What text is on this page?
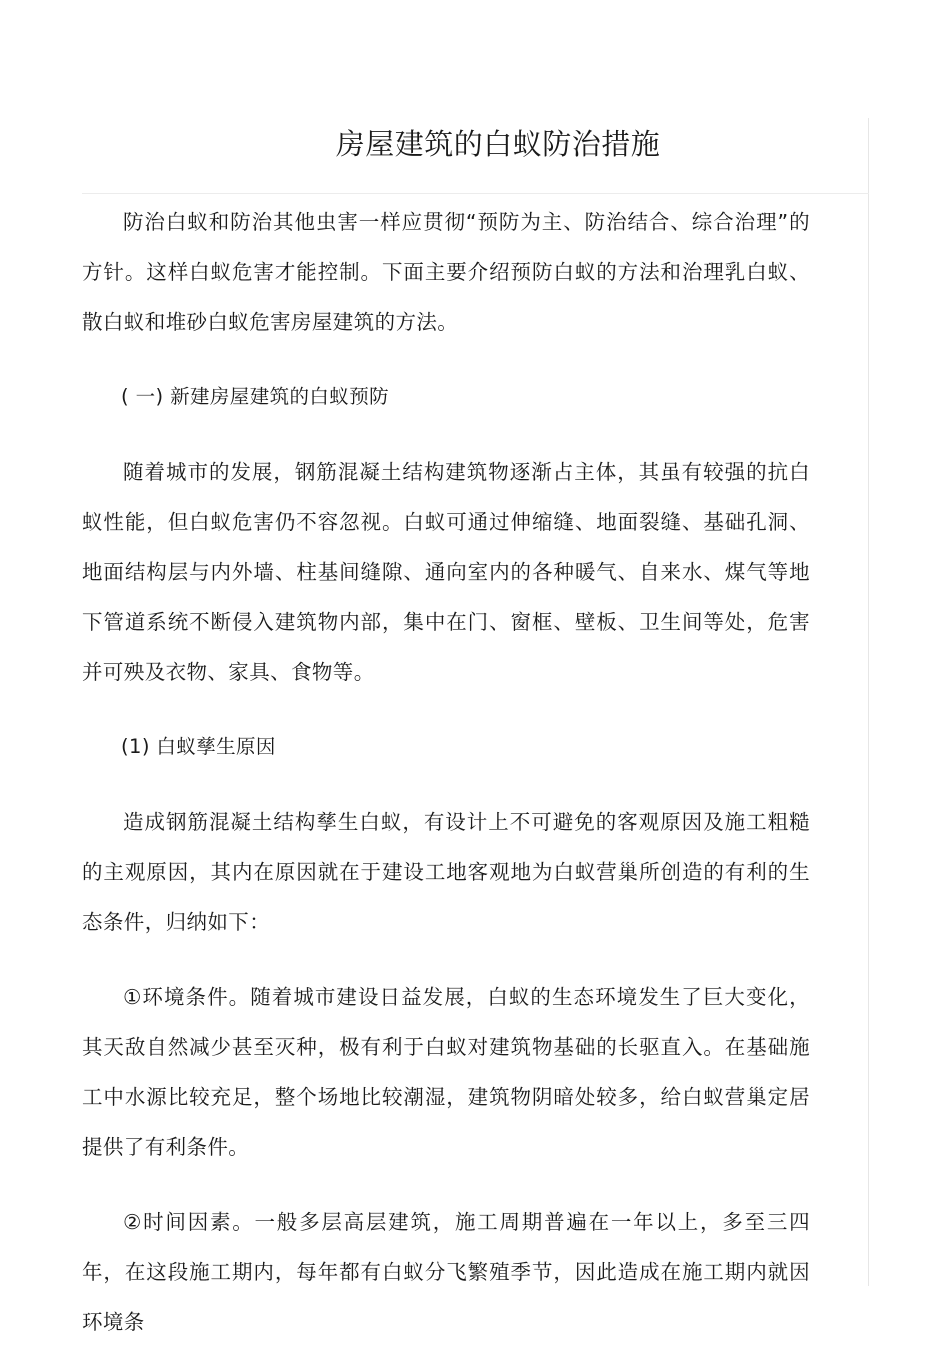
房屋建筑的白蚁防治措施

防治白蚁和防治其他虫害一样应贯彻“预防为主、防治结合、综合治理”的方针。这样白蚁危害才能控制。下面主要介绍预防白蚁的方法和治理乳白蚁、散白蚁和堆砂白蚁危害房屋建筑的方法。

( 一) 新建房屋建筑的白蚁预防

随着城市的发展，钢筋混凝土结构建筑物逐渐占主体，其虽有较强的抗白蚁性能，但白蚁危害仍不容忽视。白蚁可通过伸缩缝、地面裂缝、基础孔洞、地面结构层与内外墙、柱基间缝隙、通向室内的各种暖气、自来水、煤气等地下管道系统不断侵入建筑物内部，集中在门、窗框、壁板、卫生间等处，危害并可殃及衣物、家具、食物等。

(1) 白蚁孳生原因

造成钢筋混凝土结构孳生白蚁，有设计上不可避免的客观原因及施工粗糙的主观原因，其内在原因就在于建设工地客观地为白蚁营巢所创造的有利的生态条件，归纳如下：

①环境条件。随着城市建设日益发展，白蚁的生态环境发生了巨大变化，其天敌自然减少甚至灭种，极有利于白蚁对建筑物基础的长驱直入。在基础施工中水源比较充足，整个场地比较潮湿，建筑物阴暗处较多，给白蚁营巢定居提供了有利条件。

②时间因素。一般多层高层建筑，施工周期普遍在一年以上，多至三四年，在这段施工期内，每年都有白蚁分飞繁殖季节，因此造成在施工期内就因环境条
